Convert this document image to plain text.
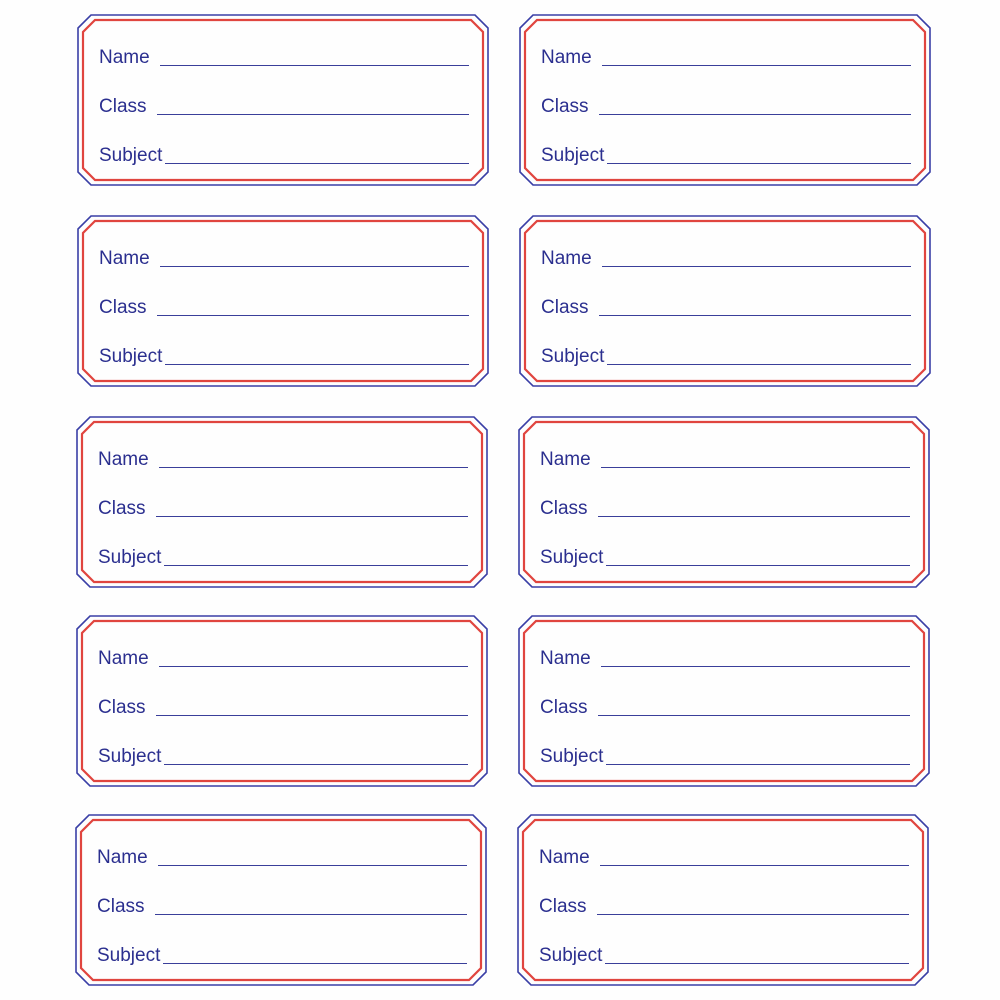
Name
Class
Subject
Name
Class
Subject
Name
Class
Subject
Name
Class
Subject
Name
Class
Subject
Name
Class
Subject
Name
Class
Subject
Name
Class
Subject
Name
Class
Subject
Name
Class
Subject
